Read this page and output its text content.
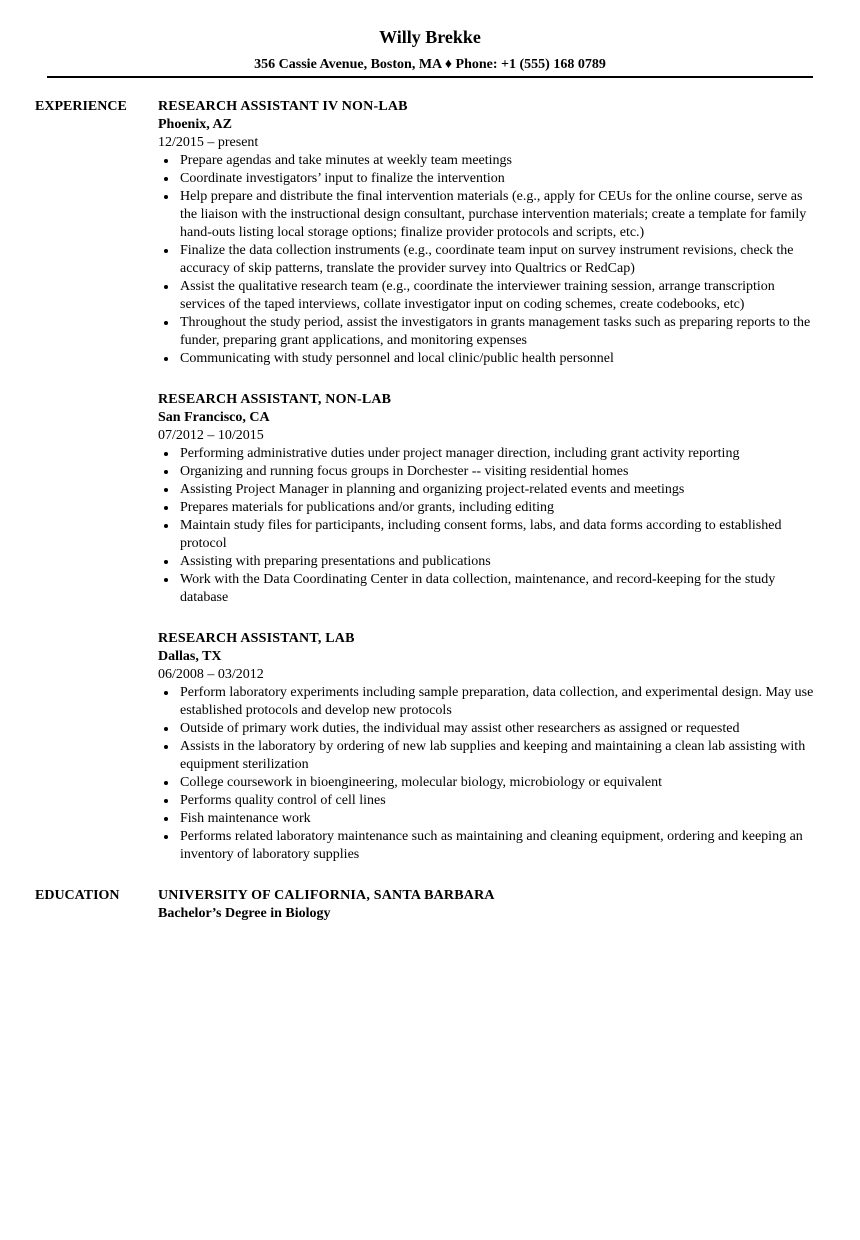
Willy Brekke
356 Cassie Avenue, Boston, MA ♦ Phone: +1 (555) 168 0789
EXPERIENCE	RESEARCH ASSISTANT IV NON-LAB
Phoenix, AZ
12/2015 – present
Prepare agendas and take minutes at weekly team meetings
Coordinate investigators’ input to finalize the intervention
Help prepare and distribute the final intervention materials (e.g., apply for CEUs for the online course, serve as the liaison with the instructional design consultant, purchase intervention materials; create a template for family hand-outs listing local storage options; finalize provider protocols and scripts, etc.)
Finalize the data collection instruments (e.g., coordinate team input on survey instrument revisions, check the accuracy of skip patterns, translate the provider survey into Qualtrics or RedCap)
Assist the qualitative research team (e.g., coordinate the interviewer training session, arrange transcription services of the taped interviews, collate investigator input on coding schemes, create codebooks, etc)
Throughout the study period, assist the investigators in grants management tasks such as preparing reports to the funder, preparing grant applications, and monitoring expenses
Communicating with study personnel and local clinic/public health personnel
RESEARCH ASSISTANT, NON-LAB
San Francisco, CA
07/2012 – 10/2015
Performing administrative duties under project manager direction, including grant activity reporting
Organizing and running focus groups in Dorchester -- visiting residential homes
Assisting Project Manager in planning and organizing project-related events and meetings
Prepares materials for publications and/or grants, including editing
Maintain study files for participants, including consent forms, labs, and data forms according to established protocol
Assisting with preparing presentations and publications
Work with the Data Coordinating Center in data collection, maintenance, and record-keeping for the study database
RESEARCH ASSISTANT, LAB
Dallas, TX
06/2008 – 03/2012
Perform laboratory experiments including sample preparation, data collection, and experimental design. May use established protocols and develop new protocols
Outside of primary work duties, the individual may assist other researchers as assigned or requested
Assists in the laboratory by ordering of new lab supplies and keeping and maintaining a clean lab assisting with equipment sterilization
College coursework in bioengineering, molecular biology, microbiology or equivalent
Performs quality control of cell lines
Fish maintenance work
Performs related laboratory maintenance such as maintaining and cleaning equipment, ordering and keeping an inventory of laboratory supplies
EDUCATION	UNIVERSITY OF CALIFORNIA, SANTA BARBARA
Bachelor’s Degree in Biology
